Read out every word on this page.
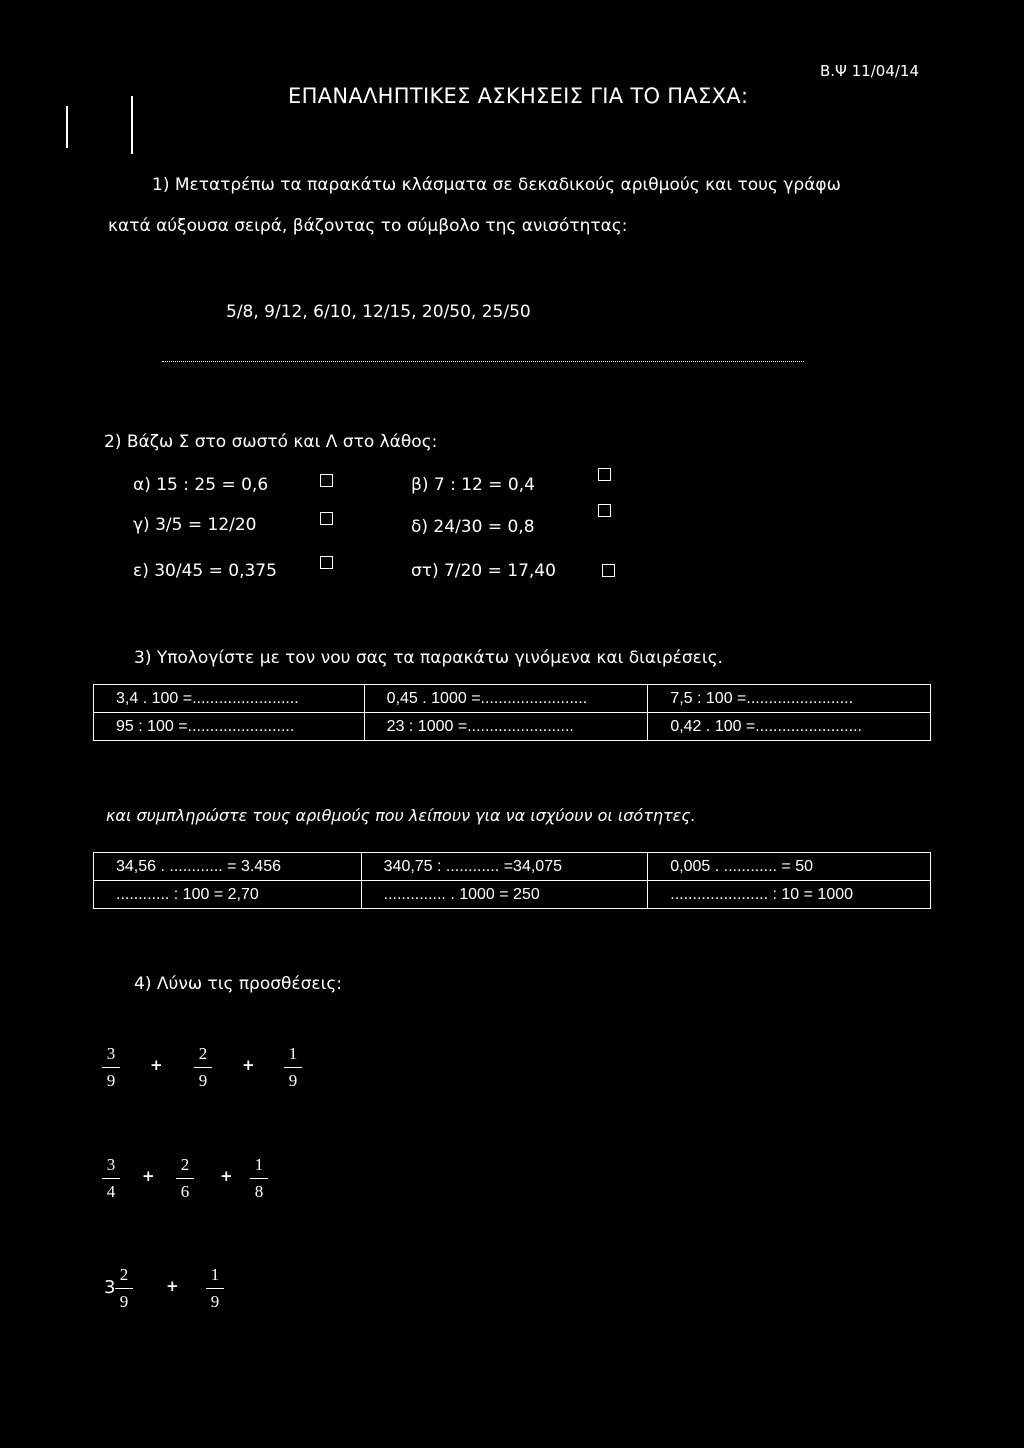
ΕΠΑΝΑΛΗΠΤΙΚΕΣ ΑΣΚΗΣΕΙΣ ΓΙΑ ΤΟ ΠΑΣΧΑ:
Β.Ψ 11/04/14
1) Μετατρέπω τα παρακάτω κλάσματα σε δεκαδικούς αριθμούς και τους γράφω
κατά αύξουσα σειρά, βάζοντας το σύμβολο της ανισότητας:
5/8, 9/12, 6/10, 12/15, 20/50, 25/50
2) Βάζω Σ στο σωστό και Λ στο λάθος:
α) 15 : 25 = 0,6	β) 7 : 12 = 0,4
γ) 3/5 = 12/20	δ) 24/30 = 0,8
ε) 30/45 = 0,375	στ) 7/20 = 17,40
3) Υπολογίστε με τον νου σας τα παρακάτω γινόμενα και διαιρέσεις.
3,4 . 100 =........................	0,45 . 1000 =........................	7,5 : 100 =........................
95 : 100 =........................	23 : 1000 =........................	0,42 . 100 =........................
και συμπληρώστε τους αριθμούς που λείπουν για να ισχύουν οι ισότητες.
34,56 . ............ = 3.456	340,75 : ............ =34,075	0,005 . ............ = 50
............ : 100 = 2,70	.............. . 1000 = 250	...................... : 10 = 1000
4) Λύνω τις προσθέσεις:
3
9
+
2
9
+
1
9
3
4
+
2
6
+
1
8
3
2
9
+
1
9
